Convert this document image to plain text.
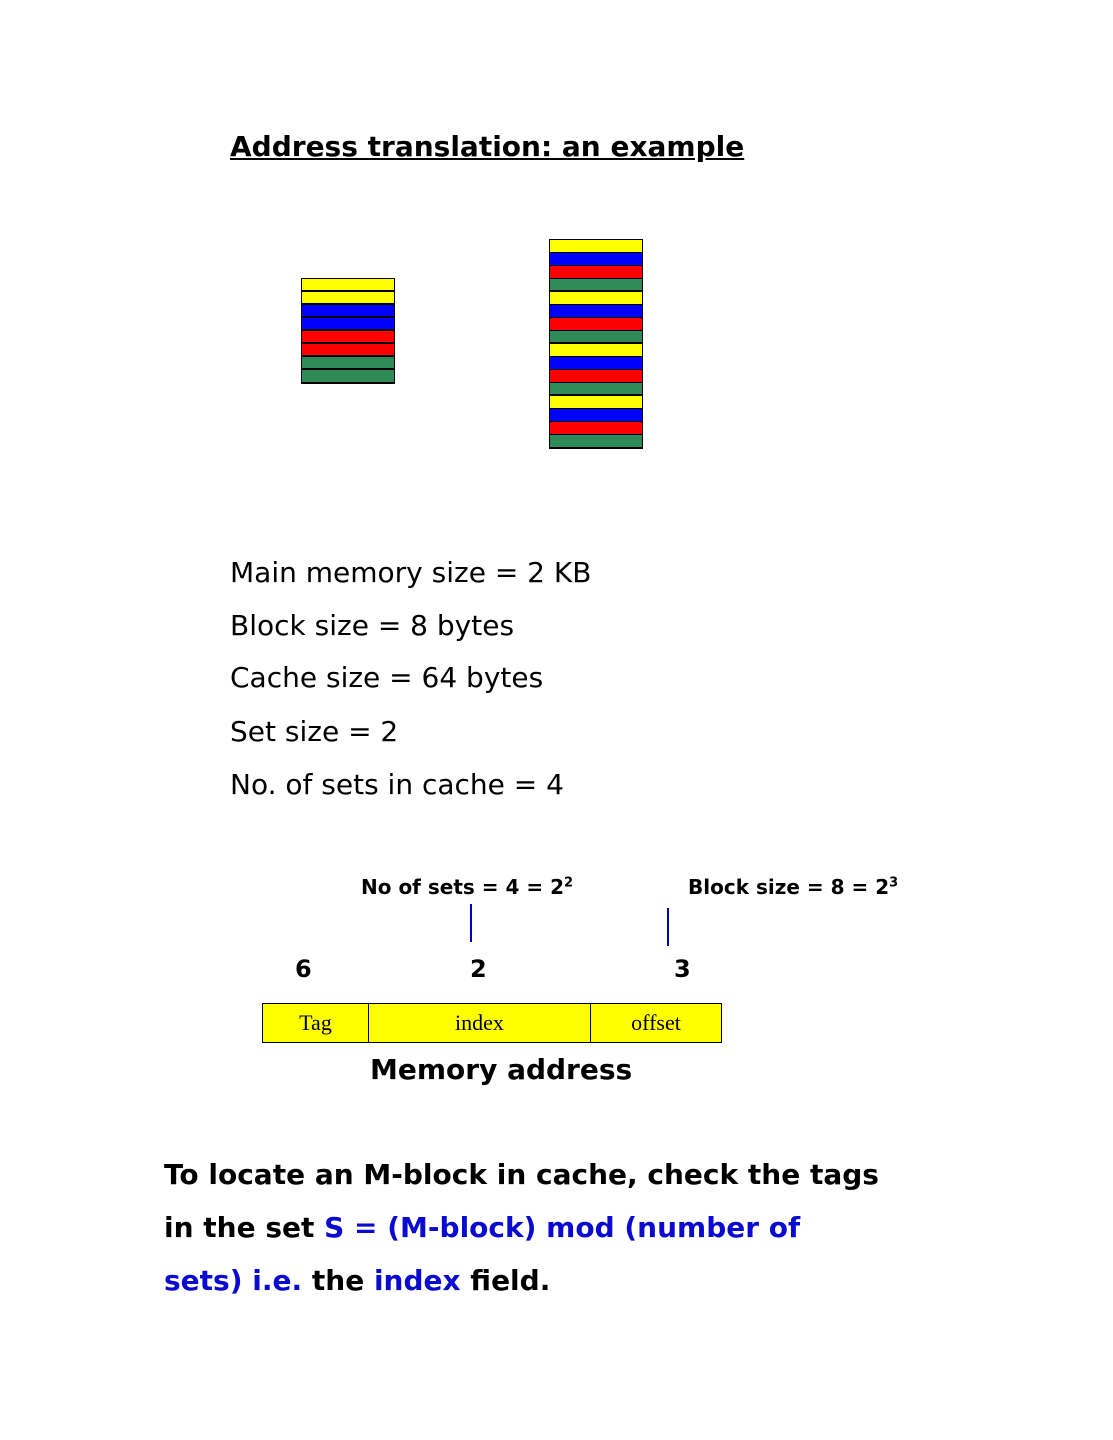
Address translation: an example
Main memory size = 2 KB
Block size = 8 bytes
Cache size = 64 bytes
Set size = 2
No. of sets in cache = 4
No of sets = $4 = 2^2$	Block size = $8 = 2^3$
6	2	3
Tag	index	offset
Memory address
To locate an M-block in cache, check the tags
in the set S = (M-block) mod (number of
sets) i.e. the index field.
